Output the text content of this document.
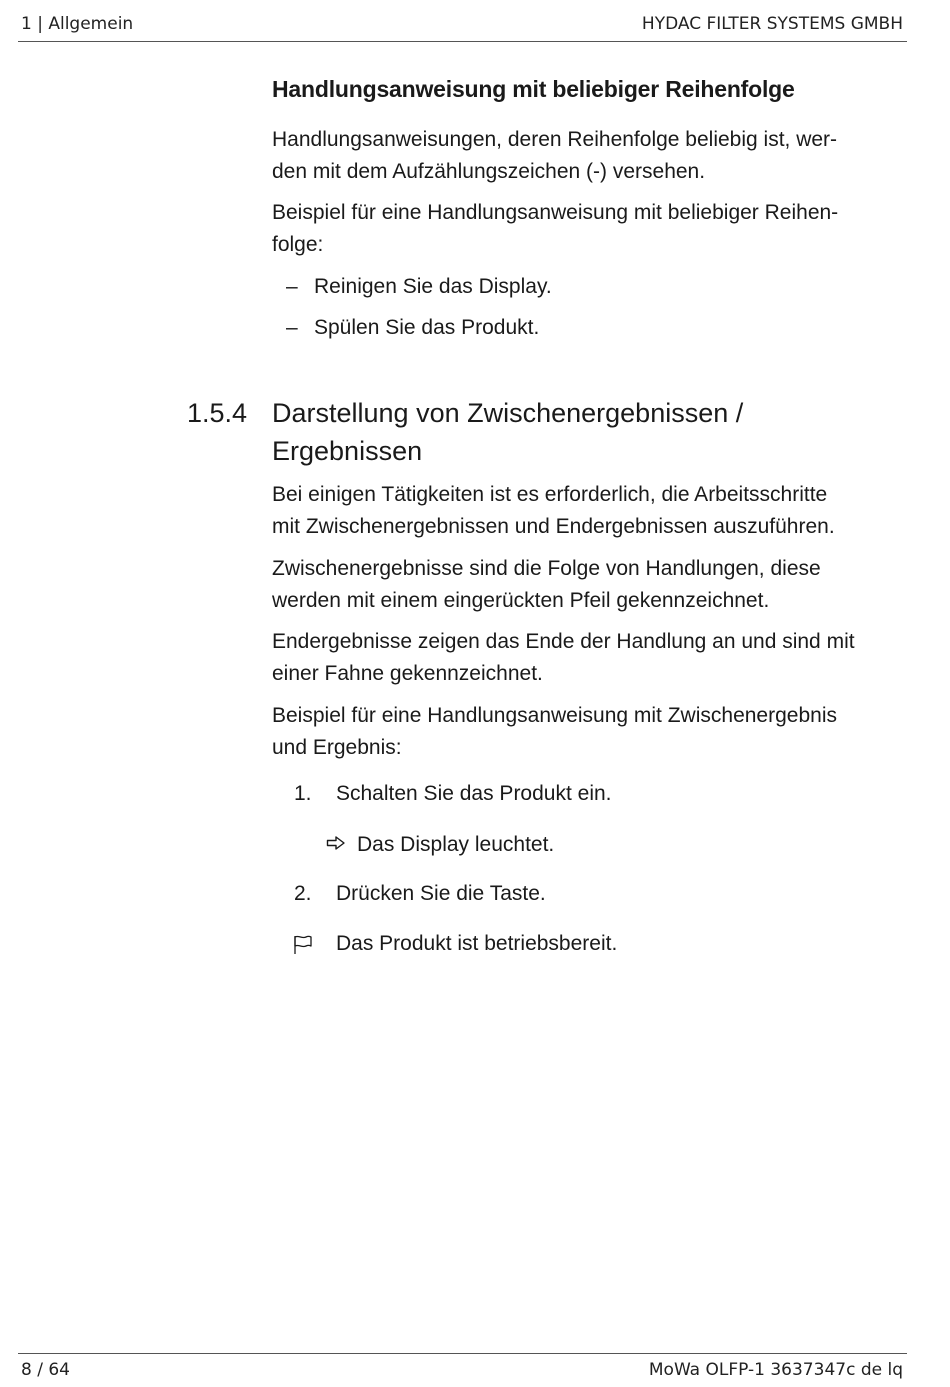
1 | Allgemein	HYDAC FILTER SYSTEMS GMBH
Handlungsanweisung mit beliebiger Reihenfolge
Handlungsanweisungen, deren Reihenfolge beliebig ist, wer-
den mit dem Aufzählungszeichen (-) versehen.
Beispiel für eine Handlungsanweisung mit beliebiger Reihen-
folge:
– Reinigen Sie das Display.
– Spülen Sie das Produkt.
1.5.4 Darstellung von Zwischenergebnissen /
Ergebnissen
Bei einigen Tätigkeiten ist es erforderlich, die Arbeitsschritte
mit Zwischenergebnissen und Endergebnissen auszuführen.
Zwischenergebnisse sind die Folge von Handlungen, diese
werden mit einem eingerückten Pfeil gekennzeichnet.
Endergebnisse zeigen das Ende der Handlung an und sind mit
einer Fahne gekennzeichnet.
Beispiel für eine Handlungsanweisung mit Zwischenergebnis
und Ergebnis:
1. Schalten Sie das Produkt ein.
Das Display leuchtet.
2. Drücken Sie die Taste.
Das Produkt ist betriebsbereit.
8 / 64	MoWa OLFP-1 3637347c de lq
